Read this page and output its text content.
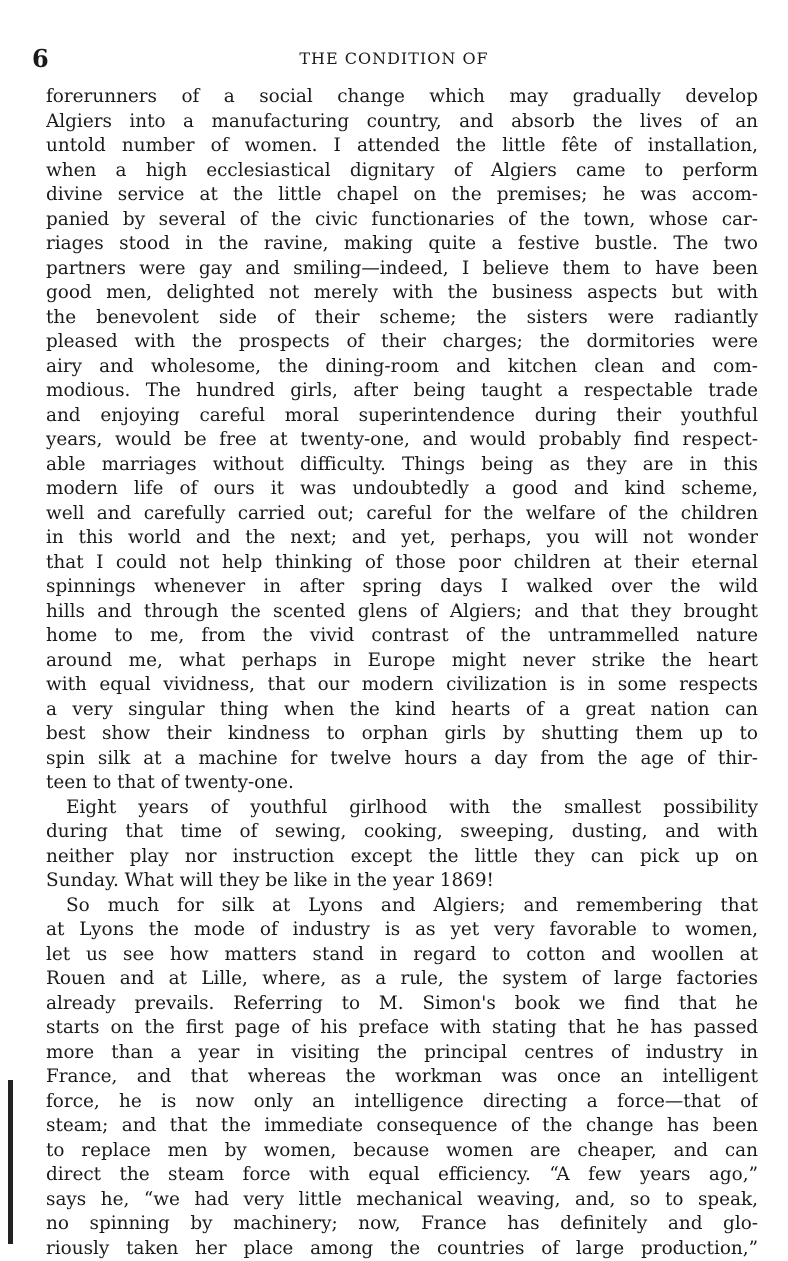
6	THE CONDITION OF
forerunners of a social change which may gradually develop
Algiers into a manufacturing country, and absorb the lives of an
untold number of women. I attended the little fête of installation,
when a high ecclesiastical dignitary of Algiers came to perform
divine service at the little chapel on the premises; he was accom-
panied by several of the civic functionaries of the town, whose car-
riages stood in the ravine, making quite a festive bustle. The two
partners were gay and smiling—indeed, I believe them to have been
good men, delighted not merely with the business aspects but with
the benevolent side of their scheme; the sisters were radiantly
pleased with the prospects of their charges; the dormitories were
airy and wholesome, the dining-room and kitchen clean and com-
modious. The hundred girls, after being taught a respectable trade
and enjoying careful moral superintendence during their youthful
years, would be free at twenty-one, and would probably find respect-
able marriages without difficulty. Things being as they are in this
modern life of ours it was undoubtedly a good and kind scheme,
well and carefully carried out; careful for the welfare of the children
in this world and the next; and yet, perhaps, you will not wonder
that I could not help thinking of those poor children at their eternal
spinnings whenever in after spring days I walked over the wild
hills and through the scented glens of Algiers; and that they brought
home to me, from the vivid contrast of the untrammelled nature
around me, what perhaps in Europe might never strike the heart
with equal vividness, that our modern civilization is in some respects
a very singular thing when the kind hearts of a great nation can
best show their kindness to orphan girls by shutting them up to
spin silk at a machine for twelve hours a day from the age of thir-
teen to that of twenty-one.
Eight years of youthful girlhood with the smallest possibility
during that time of sewing, cooking, sweeping, dusting, and with
neither play nor instruction except the little they can pick up on
Sunday. What will they be like in the year 1869!
So much for silk at Lyons and Algiers; and remembering that
at Lyons the mode of industry is as yet very favorable to women,
let us see how matters stand in regard to cotton and woollen at
Rouen and at Lille, where, as a rule, the system of large factories
already prevails. Referring to M. Simon's book we find that he
starts on the first page of his preface with stating that he has passed
more than a year in visiting the principal centres of industry in
France, and that whereas the workman was once an intelligent
force, he is now only an intelligence directing a force—that of
steam; and that the immediate consequence of the change has been
to replace men by women, because women are cheaper, and can
direct the steam force with equal efficiency. “A few years ago,”
says he, “we had very little mechanical weaving, and, so to speak,
no spinning by machinery; now, France has definitely and glo-
riously taken her place among the countries of large production,”
